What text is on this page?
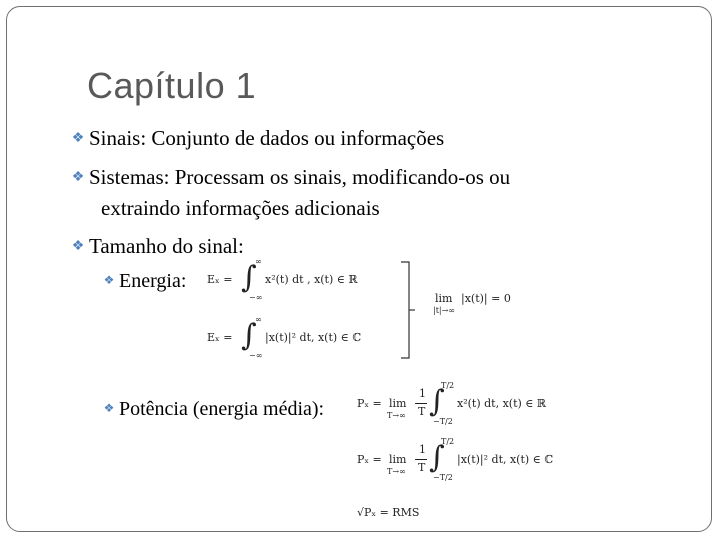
Capítulo 1
❖ Sinais: Conjunto de dados ou informações
❖ Sistemas: Processam os sinais, modificando-os ou
extraindo informações adicionais
❖ Tamanho do sinal:
❖ Energia: Eₓ = ∫
∞
−∞
x²(t) dt , x(t) ∈ ℝ
Eₓ = ∫
∞
−∞
|x(t)|² dt, x(t) ∈ ℂ
lim
|t|→∞
|x(t)| = 0
❖ Potência (energia média):	Pₓ = lim
T→∞
1
T ∫
T/2
−T/2
x²(t) dt, x(t) ∈ ℝ
Pₓ = lim
T→∞
1
T ∫
T/2
−T/2
|x(t)|² dt, x(t) ∈ ℂ
√Pₓ = RMS
